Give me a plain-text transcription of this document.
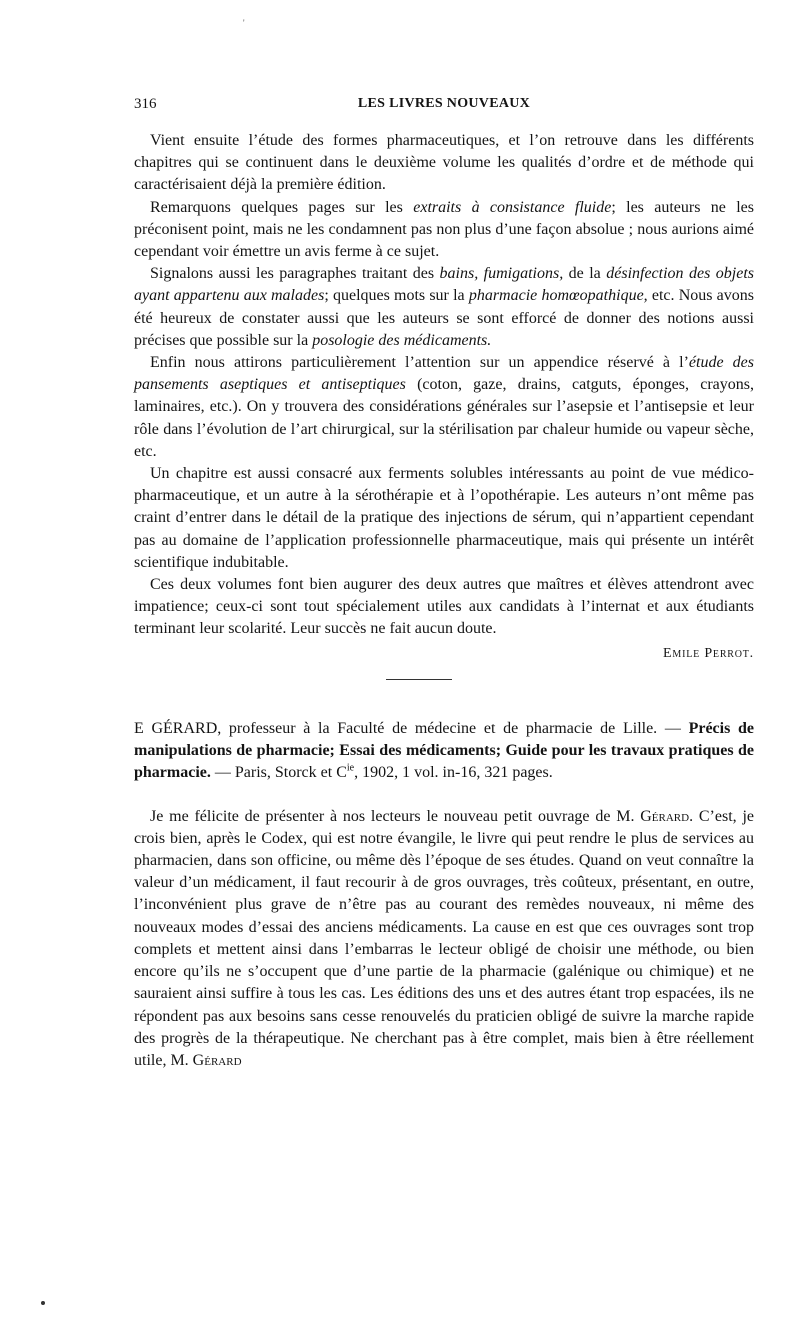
'
316	LES LIVRES NOUVEAUX

Vient ensuite l’étude des formes pharmaceutiques, et l’on retrouve dans les différents chapitres qui se continuent dans le deuxième volume les qualités d’ordre et de méthode qui caractérisaient déjà la première édition.

Remarquons quelques pages sur les extraits à consistance fluide; les auteurs ne les préconisent point, mais ne les condamnent pas non plus d’une façon absolue ; nous aurions aimé cependant voir émettre un avis ferme à ce sujet.

Signalons aussi les paragraphes traitant des bains, fumigations, de la désinfection des objets ayant appartenu aux malades; quelques mots sur la pharmacie homœopathique, etc. Nous avons été heureux de constater aussi que les auteurs se sont efforcé de donner des notions aussi précises que possible sur la posologie des médicaments.

Enfin nous attirons particulièrement l’attention sur un appendice réservé à l’étude des pansements aseptiques et antiseptiques (coton, gaze, drains, catguts, éponges, crayons, laminaires, etc.). On y trouvera des considérations générales sur l’asepsie et l’antisepsie et leur rôle dans l’évolution de l’art chirurgical, sur la stérilisation par chaleur humide ou vapeur sèche, etc.

Un chapitre est aussi consacré aux ferments solubles intéressants au point de vue médico-pharmaceutique, et un autre à la sérothérapie et à l’opothérapie. Les auteurs n’ont même pas craint d’entrer dans le détail de la pratique des injections de sérum, qui n’appartient cependant pas au domaine de l’application professionnelle pharmaceutique, mais qui présente un intérêt scientifique indubitable.

Ces deux volumes font bien augurer des deux autres que maîtres et élèves attendront avec impatience; ceux-ci sont tout spécialement utiles aux candidats à l’internat et aux étudiants terminant leur scolarité. Leur succès ne fait aucun doute.

Emile Perrot.
E GÉRARD, professeur à la Faculté de médecine et de pharmacie de Lille. — Précis de manipulations de pharmacie; Essai des médicaments; Guide pour les travaux pratiques de pharmacie. — Paris, Storck et $C^{ie}$, 1902, 1 vol. in-16, 321 pages.

Je me félicite de présenter à nos lecteurs le nouveau petit ouvrage de M. Gérard. C’est, je crois bien, après le Codex, qui est notre évangile, le livre qui peut rendre le plus de services au pharmacien, dans son officine, ou même dès l’époque de ses études. Quand on veut connaître la valeur d’un médicament, il faut recourir à de gros ouvrages, très coûteux, présentant, en outre, l’inconvénient plus grave de n’être pas au courant des remèdes nouveaux, ni même des nouveaux modes d’essai des anciens médicaments. La cause en est que ces ouvrages sont trop complets et mettent ainsi dans l’embarras le lecteur obligé de choisir une méthode, ou bien encore qu’ils ne s’occupent que d’une partie de la pharmacie (galénique ou chimique) et ne sauraient ainsi suffire à tous les cas. Les éditions des uns et des autres étant trop espacées, ils ne répondent pas aux besoins sans cesse renouvelés du praticien obligé de suivre la marche rapide des progrès de la thérapeutique. Ne cherchant pas à être complet, mais bien à être réellement utile, M. Gérard
